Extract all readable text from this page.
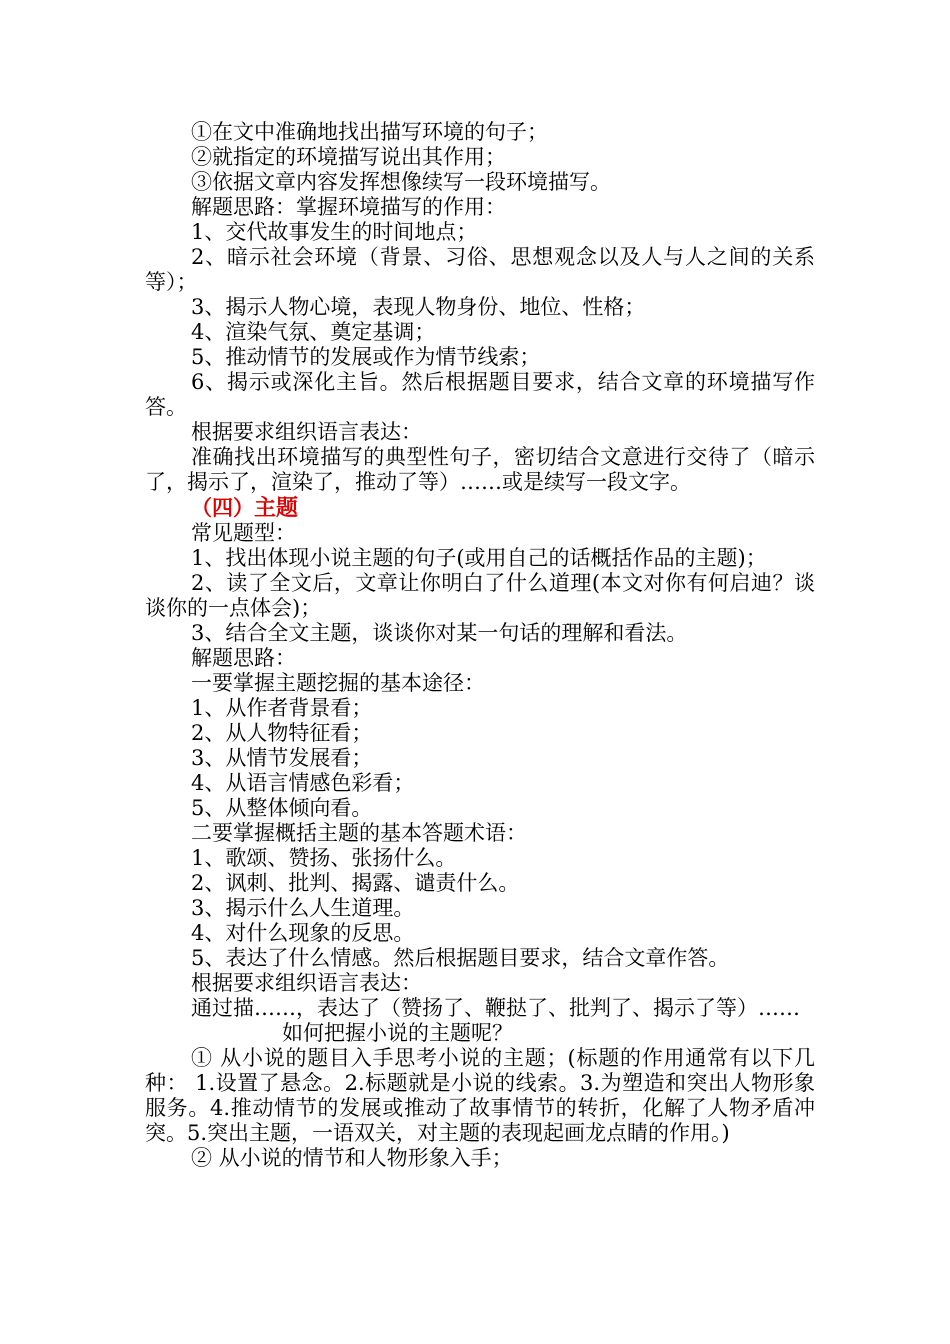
①在文中准确地找出描写环境的句子；
②就指定的环境描写说出其作用；
③依据文章内容发挥想像续写一段环境描写。
解题思路：掌握环境描写的作用：
1、交代故事发生的时间地点；
2、暗示社会环境（背景、习俗、思想观念以及人与人之间的关系等）；
3、揭示人物心境，表现人物身份、地位、性格；
4、渲染气氛、奠定基调；
5、推动情节的发展或作为情节线索；
6、揭示或深化主旨。然后根据题目要求，结合文章的环境描写作答。
根据要求组织语言表达：
准确找出环境描写的典型性句子，密切结合文意进行交待了（暗示了，揭示了，渲染了，推动了等）……或是续写一段文字。
（四）主题
常见题型：
1、找出体现小说主题的句子(或用自己的话概括作品的主题)；
2、读了全文后，文章让你明白了什么道理(本文对你有何启迪？谈谈你的一点体会)；
3、结合全文主题，谈谈你对某一句话的理解和看法。
解题思路：
一要掌握主题挖掘的基本途径：
1、从作者背景看；
2、从人物特征看；
3、从情节发展看；
4、从语言情感色彩看；
5、从整体倾向看。
二要掌握概括主题的基本答题术语：
1、歌颂、赞扬、张扬什么。
2、讽刺、批判、揭露、谴责什么。
3、揭示什么人生道理。
4、对什么现象的反思。
5、表达了什么情感。然后根据题目要求，结合文章作答。
根据要求组织语言表达：
通过描……，表达了（赞扬了、鞭挞了、批判了、揭示了等）……
如何把握小说的主题呢？
① 从小说的题目入手思考小说的主题；(标题的作用通常有以下几种： 1.设置了悬念。2.标题就是小说的线索。3.为塑造和突出人物形象服务。4.推动情节的发展或推动了故事情节的转折，化解了人物矛盾冲突。5.突出主题，一语双关，对主题的表现起画龙点睛的作用。)
② 从小说的情节和人物形象入手；
